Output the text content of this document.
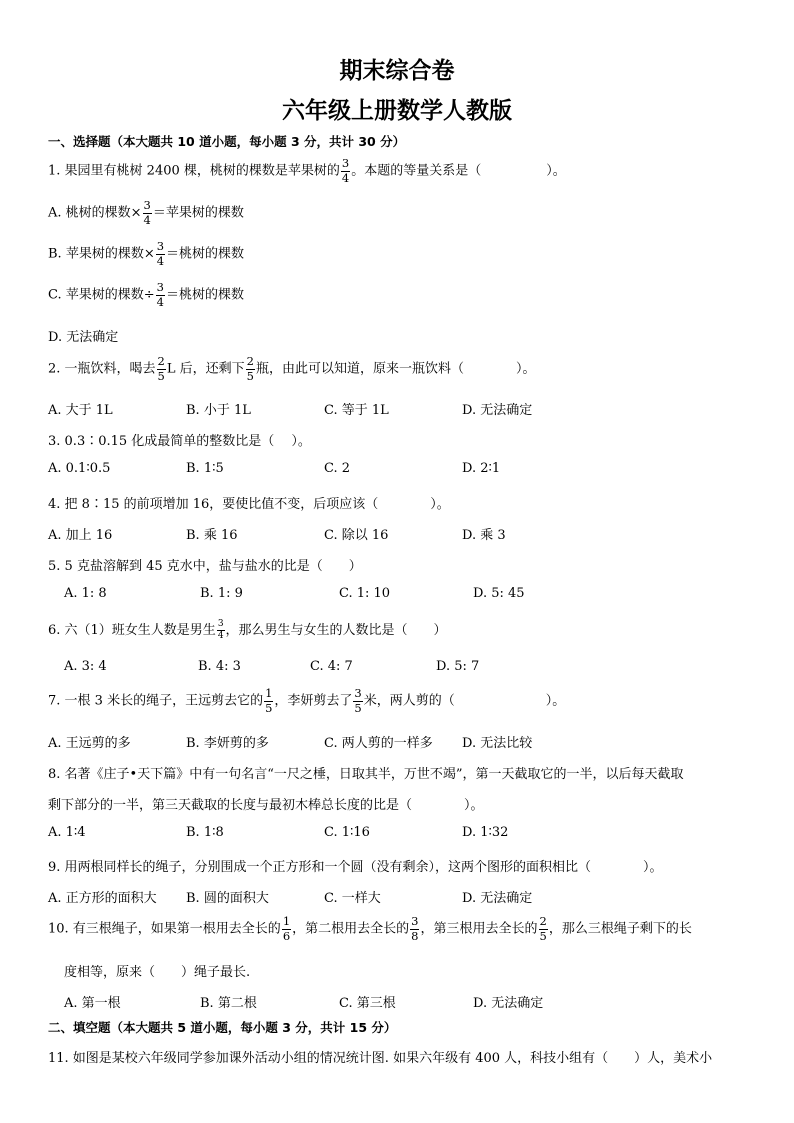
期末综合卷
六年级上册数学人教版
一、选择题（本大题共 10 道小题，每小题 3 分，共计 30 分）
1. 果园里有桃树 2400 棵，桃树的棵数是苹果树的 $\frac{3}{4}$ 。本题的等量关系是（　　　　　）。
A. 桃树的棵数× $\frac{3}{4}$ ＝苹果树的棵数
B. 苹果树的棵数× $\frac{3}{4}$ ＝桃树的棵数
C. 苹果树的棵数÷ $\frac{3}{4}$ ＝桃树的棵数
D. 无法确定
2. 一瓶饮料，喝去 $\frac{2}{5}$ L 后，还剩下 $\frac{2}{5}$ 瓶，由此可以知道，原来一瓶饮料（　　　　）。
A. 大于 1L	B. 小于 1L	C. 等于 1L	D. 无法确定
3. 0.3∶0.15 化成最简单的整数比是（　 ）。
A. 0.1∶0.5	B. 1∶5	C. 2	D. 2∶1
4. 把 8∶15 的前项增加 16，要使比值不变，后项应该（　　　　）。
A. 加上 16	B. 乘 16	C. 除以 16	D. 乘 3
5. 5 克盐溶解到 45 克水中，盐与盐水的比是（　　）
A. 1: 8	B. 1: 9	C. 1: 10	D. 5: 45
6. 六（1）班女生人数是男生 $\frac{3}{4}$ ，那么男生与女生的人数比是（　　）
A. 3: 4	B. 4: 3	C. 4: 7	D. 5: 7
7. 一根 3 米长的绳子，王远剪去它的 $\frac{1}{5}$ ，李妍剪去了 $\frac{3}{5}$ 米，两人剪的（　　　　　　　）。
A. 王远剪的多	B. 李妍剪的多	C. 两人剪的一样多 D. 无法比较
8. 名著《庄子•天下篇》中有一句名言“一尺之棰，日取其半，万世不竭”，第一天截取它的一半，以后每天截取
剩下部分的一半，第三天截取的长度与最初木棒总长度的比是（　　　　）。
A. 1∶4	B. 1∶8	C. 1∶16	D. 1∶32
9. 用两根同样长的绳子，分别围成一个正方形和一个圆（没有剩余），这两个图形的面积相比（　　　　）。
A. 正方形的面积大 B. 圆的面积大	C. 一样大	D. 无法确定
10. 有三根绳子，如果第一根用去全长的 $\frac{1}{6}$ ，第二根用去全长的 $\frac{3}{8}$ ，第三根用去全长的 $\frac{2}{5}$ ，那么三根绳子剩下的长
度相等，原来（　　）绳子最长.
A. 第一根	B. 第二根	C. 第三根	D. 无法确定
二、填空题（本大题共 5 道小题，每小题 3 分，共计 15 分）
11. 如图是某校六年级同学参加课外活动小组的情况统计图. 如果六年级有 400 人，科技小组有（　　）人，美术小
